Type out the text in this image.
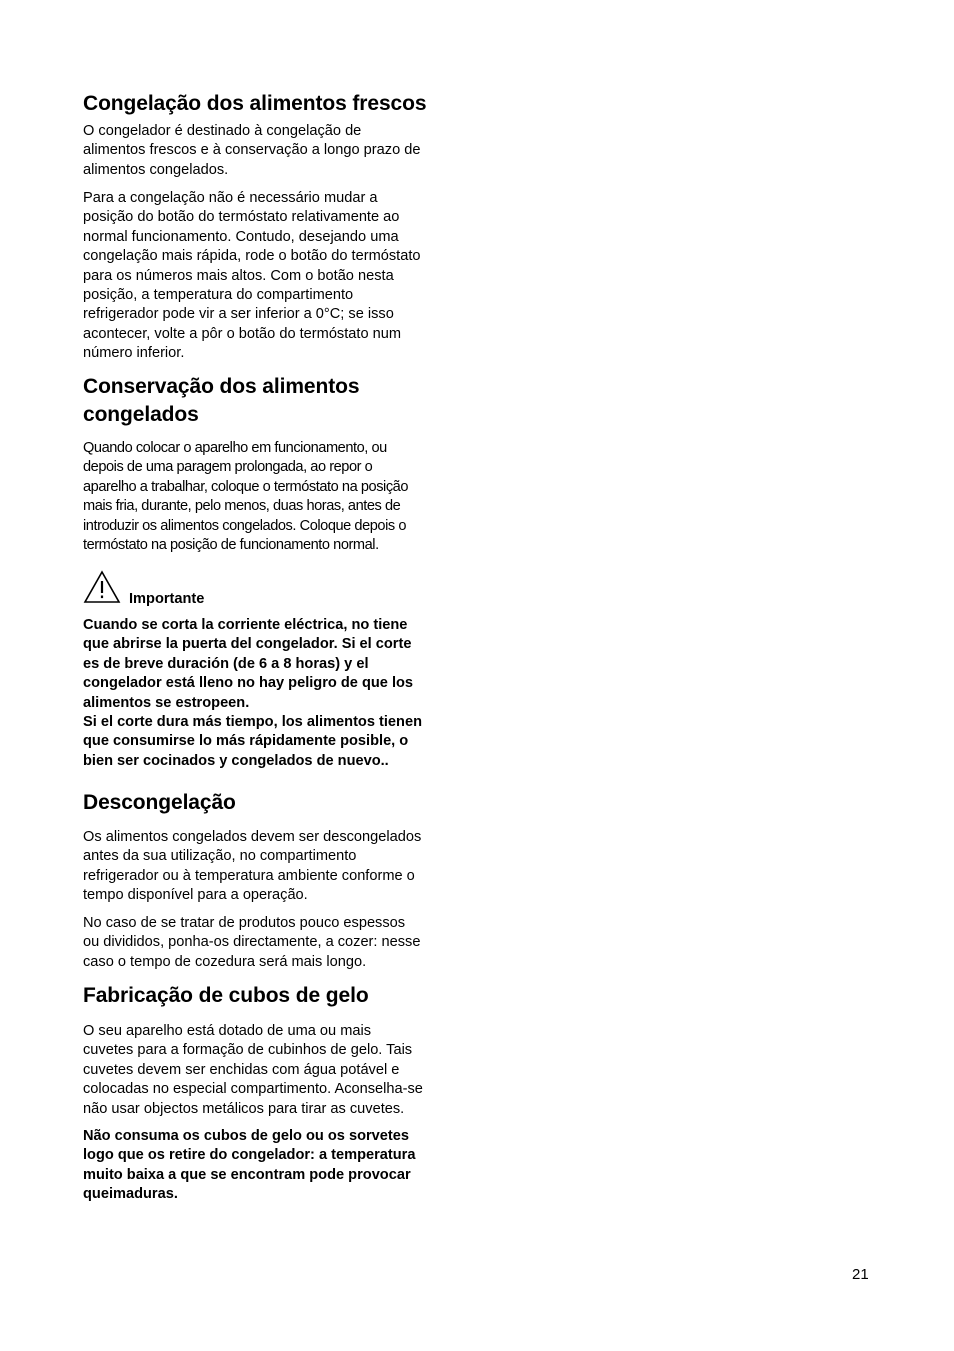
Congelação dos alimentos frescos

O congelador é destinado à congelação de
alimentos frescos e à conservação a longo prazo de
alimentos congelados.

Para a congelação não é necessário mudar a
posição do botão do termóstato relativamente ao
normal funcionamento. Contudo, desejando uma
congelação mais rápida, rode o botão do termóstato
para os números mais altos. Com o botão nesta
posição, a temperatura do compartimento
refrigerador pode vir a ser inferior a 0°C; se isso
acontecer, volte a pôr o botão do termóstato num
número inferior.

Conservação dos alimentos
congelados

Quando colocar o aparelho em funcionamento, ou
depois de uma paragem prolongada, ao repor o
aparelho a trabalhar, coloque o termóstato na posição
mais fria, durante, pelo menos, duas horas, antes de
introduzir os alimentos congelados. Coloque depois o
termóstato na posição de funcionamento normal.

Importante

Cuando se corta la corriente eléctrica, no tiene
que abrirse la puerta del congelador. Si el corte
es de breve duración (de 6 a 8 horas) y el
congelador está lleno no hay peligro de que los
alimentos se estropeen.
Si el corte dura más tiempo, los alimentos tienen
que consumirse lo más rápidamente posible, o
bien ser cocinados y congelados de nuevo..

Descongelação

Os alimentos congelados devem ser descongelados
antes da sua utilização, no compartimento
refrigerador ou à temperatura ambiente conforme o
tempo disponível para a operação.

No caso de se tratar de produtos pouco espessos
ou divididos, ponha-os directamente, a cozer: nesse
caso o tempo de cozedura será mais longo.

Fabricação de cubos de gelo

O seu aparelho está dotado de uma ou mais
cuvetes para a formação de cubinhos de gelo. Tais
cuvetes devem ser enchidas com água potável e
colocadas no especial compartimento. Aconselha-se
não usar objectos metálicos para tirar as cuvetes.

Não consuma os cubos de gelo ou os sorvetes
logo que os retire do congelador: a temperatura
muito baixa a que se encontram pode provocar
queimaduras.

21
